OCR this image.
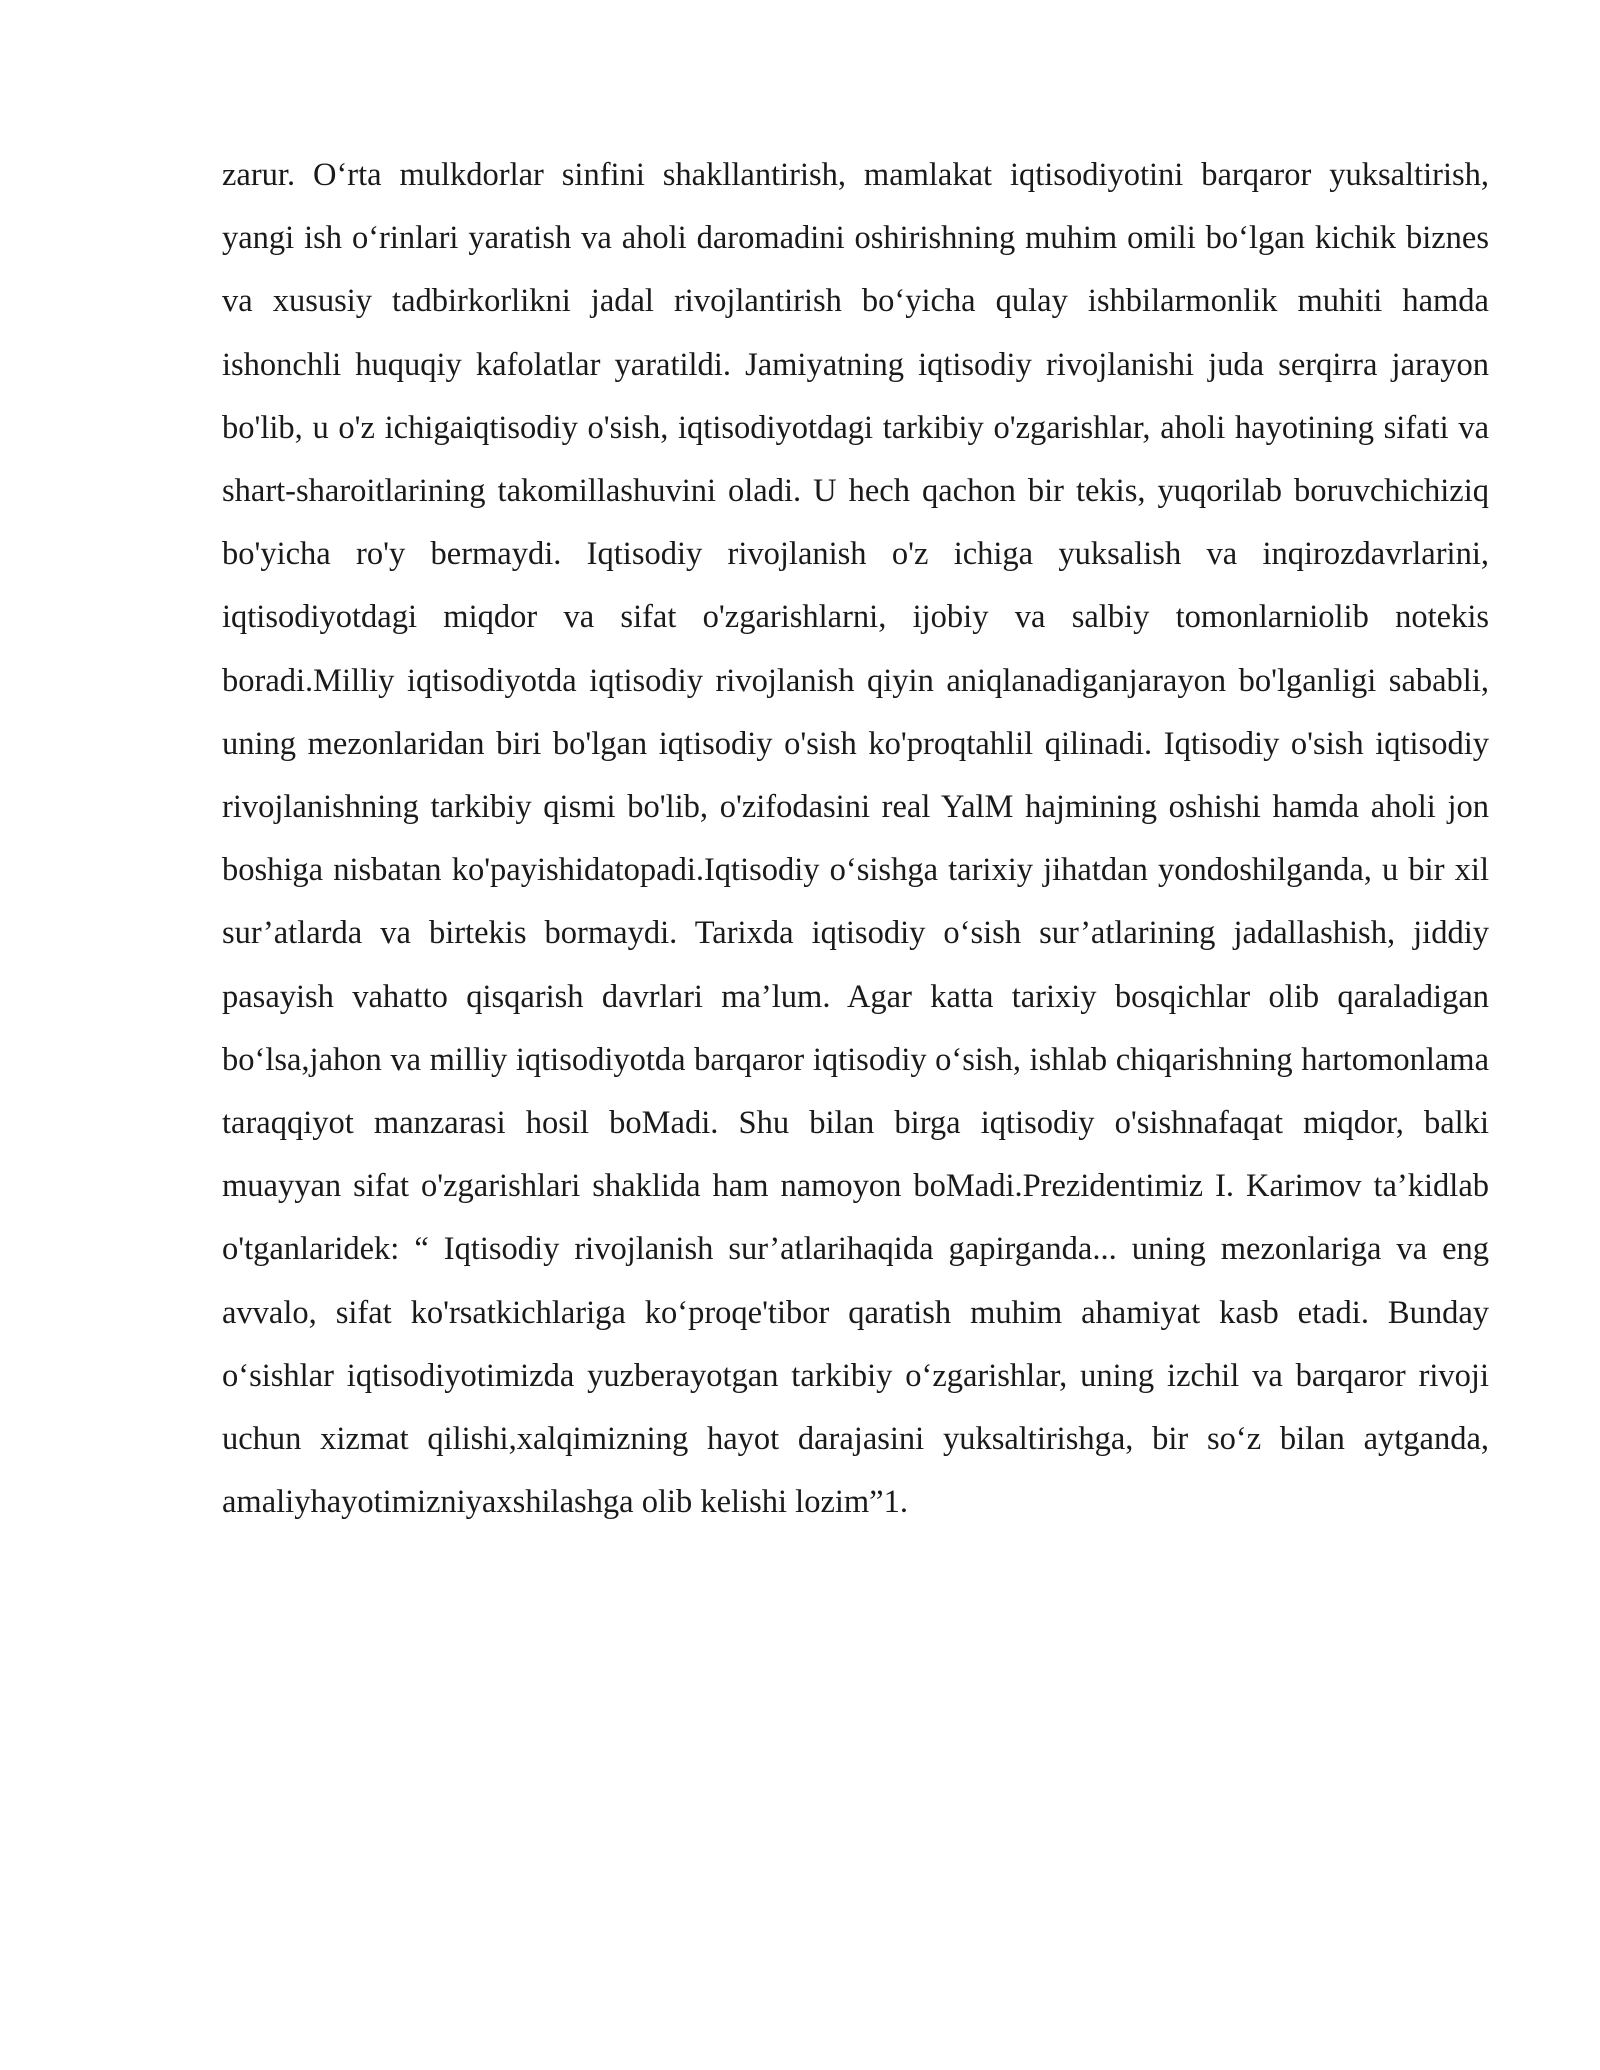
zarur. O‘rta mulkdorlar sinfini shakllantirish, mamlakat iqtisodiyotini barqaror yuksaltirish, yangi ish o‘rinlari yaratish va aholi daromadini oshirishning muhim omili bo‘lgan kichik biznes va xususiy tadbirkorlikni jadal rivojlantirish bo‘yicha qulay ishbilarmonlik muhiti hamda ishonchli huquqiy kafolatlar yaratildi. Jamiyatning iqtisodiy rivojlanishi juda serqirra jarayon bo'lib, u o'z ichigaiqtisodiy o'sish, iqtisodiyotdagi tarkibiy o'zgarishlar, aholi hayotining sifati va shart-sharoitlarining takomillashuvini oladi. U hech qachon bir tekis, yuqorilab boruvchichiziq bo'yicha ro'y bermaydi. Iqtisodiy rivojlanish o'z ichiga yuksalish va inqirozdavrlarini, iqtisodiyotdagi miqdor va sifat o'zgarishlarni, ijobiy va salbiy tomonlarniolib notekis boradi.Milliy iqtisodiyotda iqtisodiy rivojlanish qiyin aniqlanadiganjarayon bo'lganligi sababli, uning mezonlaridan biri bo'lgan iqtisodiy o'sish ko'proqtahlil qilinadi. Iqtisodiy o'sish iqtisodiy rivojlanishning tarkibiy qismi bo'lib, o'zifodasini real YalM hajmining oshishi hamda aholi jon boshiga nisbatan ko'payishidatopadi.Iqtisodiy o‘sishga tarixiy jihatdan yondoshilganda, u bir xil sur’atlarda va birtekis bormaydi. Tarixda iqtisodiy o‘sish sur’atlarining jadallashish, jiddiy pasayish vahatto qisqarish davrlari ma’lum. Agar katta tarixiy bosqichlar olib qaraladigan bo‘lsa,jahon va milliy iqtisodiyotda barqaror iqtisodiy o‘sish, ishlab chiqarishning hartomonlama taraqqiyot manzarasi hosil boMadi. Shu bilan birga iqtisodiy o'sishnafaqat miqdor, balki muayyan sifat o'zgarishlari shaklida ham namoyon boMadi.Prezidentimiz I. Karimov ta’kidlab o'tganlaridek: “ Iqtisodiy rivojlanish sur’atlarihaqida gapirganda... uning mezonlariga va eng avvalo, sifat ko'rsatkichlariga ko‘proqe'tibor qaratish muhim ahamiyat kasb etadi. Bunday o‘sishlar iqtisodiyotimizda yuzberayotgan tarkibiy o‘zgarishlar, uning izchil va barqaror rivoji uchun xizmat qilishi,xalqimizning hayot darajasini yuksaltirishga, bir so‘z bilan aytganda, amaliyhayotimizniyaxshilashga olib kelishi lozim”1.
